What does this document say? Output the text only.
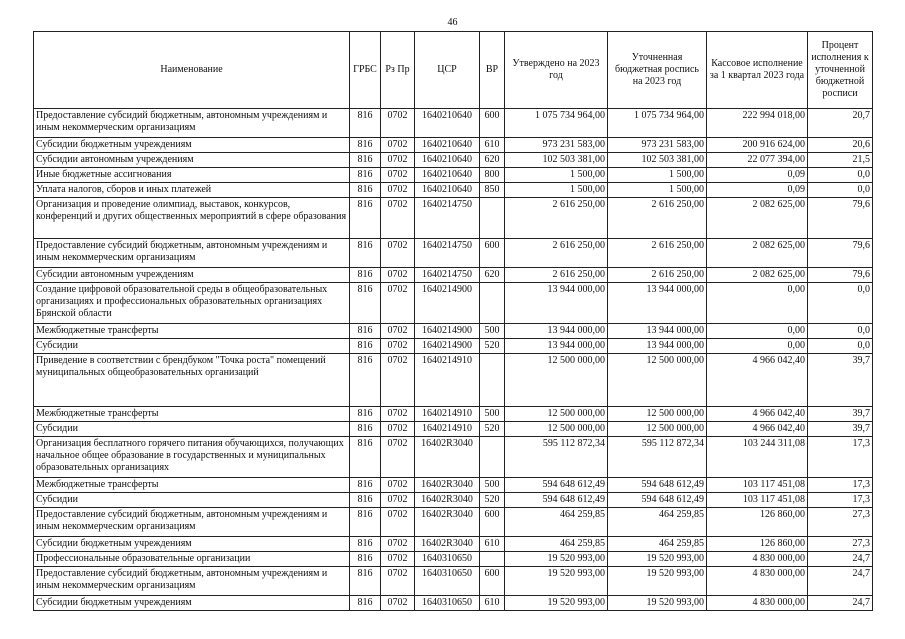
46
Наименование	ГРБС	Рз Пр	ЦСР	ВР	Утверждено на 2023 год	Уточненная бюджетная роспись на 2023 год	Кассовое исполнение за 1 квартал 2023 года	Процент исполнения к уточненной бюджетной росписи
Предоставление субсидий бюджетным, автономным учреждениям и иным некоммерческим организациям	816	0702	1640210640	600	1 075 734 964,00	1 075 734 964,00	222 994 018,00	20,7
Субсидии бюджетным учреждениям	816	0702	1640210640	610	973 231 583,00	973 231 583,00	200 916 624,00	20,6
Субсидии автономным учреждениям	816	0702	1640210640	620	102 503 381,00	102 503 381,00	22 077 394,00	21,5
Иные бюджетные ассигнования	816	0702	1640210640	800	1 500,00	1 500,00	0,09	0,0
Уплата налогов, сборов и иных платежей	816	0702	1640210640	850	1 500,00	1 500,00	0,09	0,0
Организация и проведение олимпиад, выставок, конкурсов, конференций и других общественных мероприятий в сфере образования	816	0702	1640214750		2 616 250,00	2 616 250,00	2 082 625,00	79,6
Предоставление субсидий бюджетным, автономным учреждениям и иным некоммерческим организациям	816	0702	1640214750	600	2 616 250,00	2 616 250,00	2 082 625,00	79,6
Субсидии автономным учреждениям	816	0702	1640214750	620	2 616 250,00	2 616 250,00	2 082 625,00	79,6
Создание цифровой образовательной среды в общеобразовательных организациях и профессиональных образовательных организациях Брянской области	816	0702	1640214900		13 944 000,00	13 944 000,00	0,00	0,0
Межбюджетные трансферты	816	0702	1640214900	500	13 944 000,00	13 944 000,00	0,00	0,0
Субсидии	816	0702	1640214900	520	13 944 000,00	13 944 000,00	0,00	0,0
Приведение в соответствии с брендбуком "Точка роста" помещений муниципальных общеобразовательных организаций	816	0702	1640214910		12 500 000,00	12 500 000,00	4 966 042,40	39,7
Межбюджетные трансферты	816	0702	1640214910	500	12 500 000,00	12 500 000,00	4 966 042,40	39,7
Субсидии	816	0702	1640214910	520	12 500 000,00	12 500 000,00	4 966 042,40	39,7
Организация бесплатного горячего питания обучающихся, получающих начальное общее образование в государственных и муниципальных образовательных организациях	816	0702	16402R3040		595 112 872,34	595 112 872,34	103 244 311,08	17,3
Межбюджетные трансферты	816	0702	16402R3040	500	594 648 612,49	594 648 612,49	103 117 451,08	17,3
Субсидии	816	0702	16402R3040	520	594 648 612,49	594 648 612,49	103 117 451,08	17,3
Предоставление субсидий бюджетным, автономным учреждениям и иным некоммерческим организациям	816	0702	16402R3040	600	464 259,85	464 259,85	126 860,00	27,3
Субсидии бюджетным учреждениям	816	0702	16402R3040	610	464 259,85	464 259,85	126 860,00	27,3
Профессиональные образовательные организации	816	0702	1640310650		19 520 993,00	19 520 993,00	4 830 000,00	24,7
Предоставление субсидий бюджетным, автономным учреждениям и иным некоммерческим организациям	816	0702	1640310650	600	19 520 993,00	19 520 993,00	4 830 000,00	24,7
Субсидии бюджетным учреждениям	816	0702	1640310650	610	19 520 993,00	19 520 993,00	4 830 000,00	24,7
